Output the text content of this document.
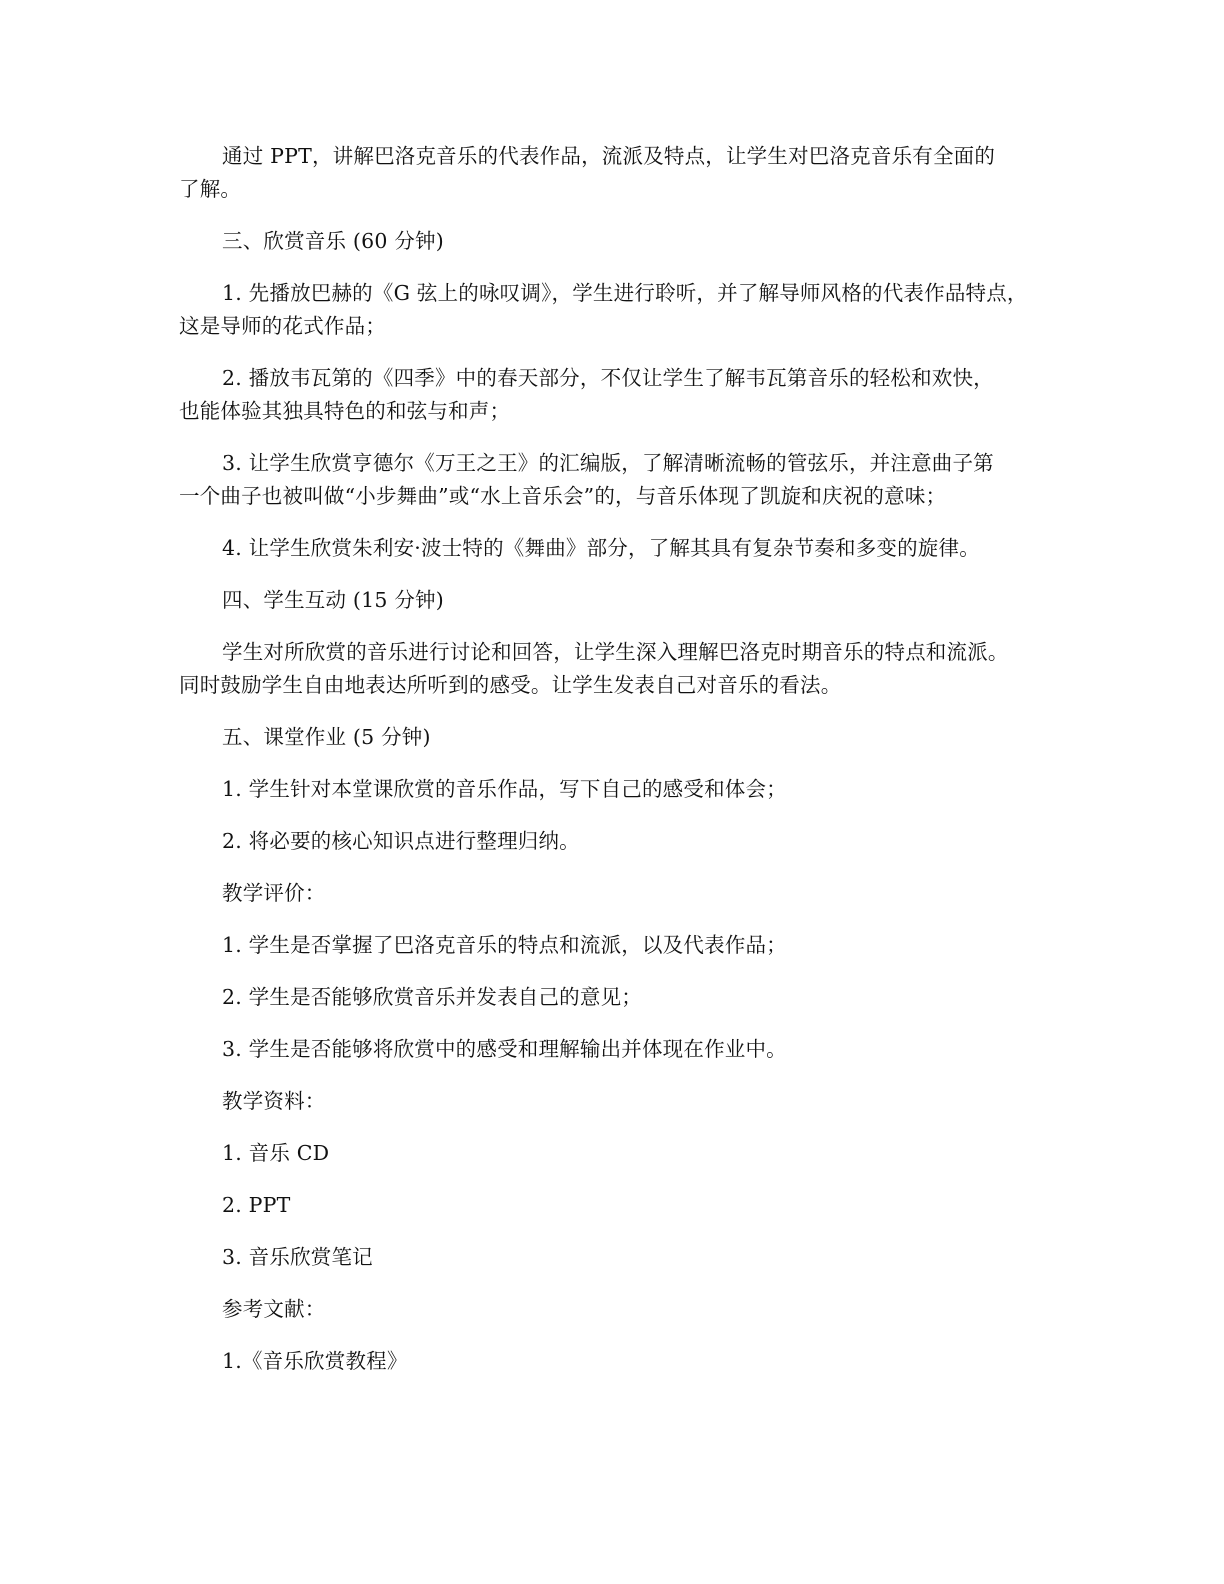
通过 PPT，讲解巴洛克音乐的代表作品，流派及特点，让学生对巴洛克音乐有全面的
了解。

三、欣赏音乐 (60 分钟)

1. 先播放巴赫的《G 弦上的咏叹调》，学生进行聆听，并了解导师风格的代表作品特点，
这是导师的花式作品；

2. 播放韦瓦第的《四季》中的春天部分，不仅让学生了解韦瓦第音乐的轻松和欢快，
也能体验其独具特色的和弦与和声；

3. 让学生欣赏亨德尔《万王之王》的汇编版，了解清晰流畅的管弦乐，并注意曲子第
一个曲子也被叫做“小步舞曲”或“水上音乐会”的，与音乐体现了凯旋和庆祝的意味；

4. 让学生欣赏朱利安·波士特的《舞曲》部分，了解其具有复杂节奏和多变的旋律。

四、学生互动 (15 分钟)

学生对所欣赏的音乐进行讨论和回答，让学生深入理解巴洛克时期音乐的特点和流派。
同时鼓励学生自由地表达所听到的感受。让学生发表自己对音乐的看法。

五、课堂作业 (5 分钟)

1. 学生针对本堂课欣赏的音乐作品，写下自己的感受和体会；

2. 将必要的核心知识点进行整理归纳。

教学评价：

1. 学生是否掌握了巴洛克音乐的特点和流派，以及代表作品；

2. 学生是否能够欣赏音乐并发表自己的意见；

3. 学生是否能够将欣赏中的感受和理解输出并体现在作业中。

教学资料：

1. 音乐 CD

2. PPT

3. 音乐欣赏笔记

参考文献：

1.《音乐欣赏教程》
